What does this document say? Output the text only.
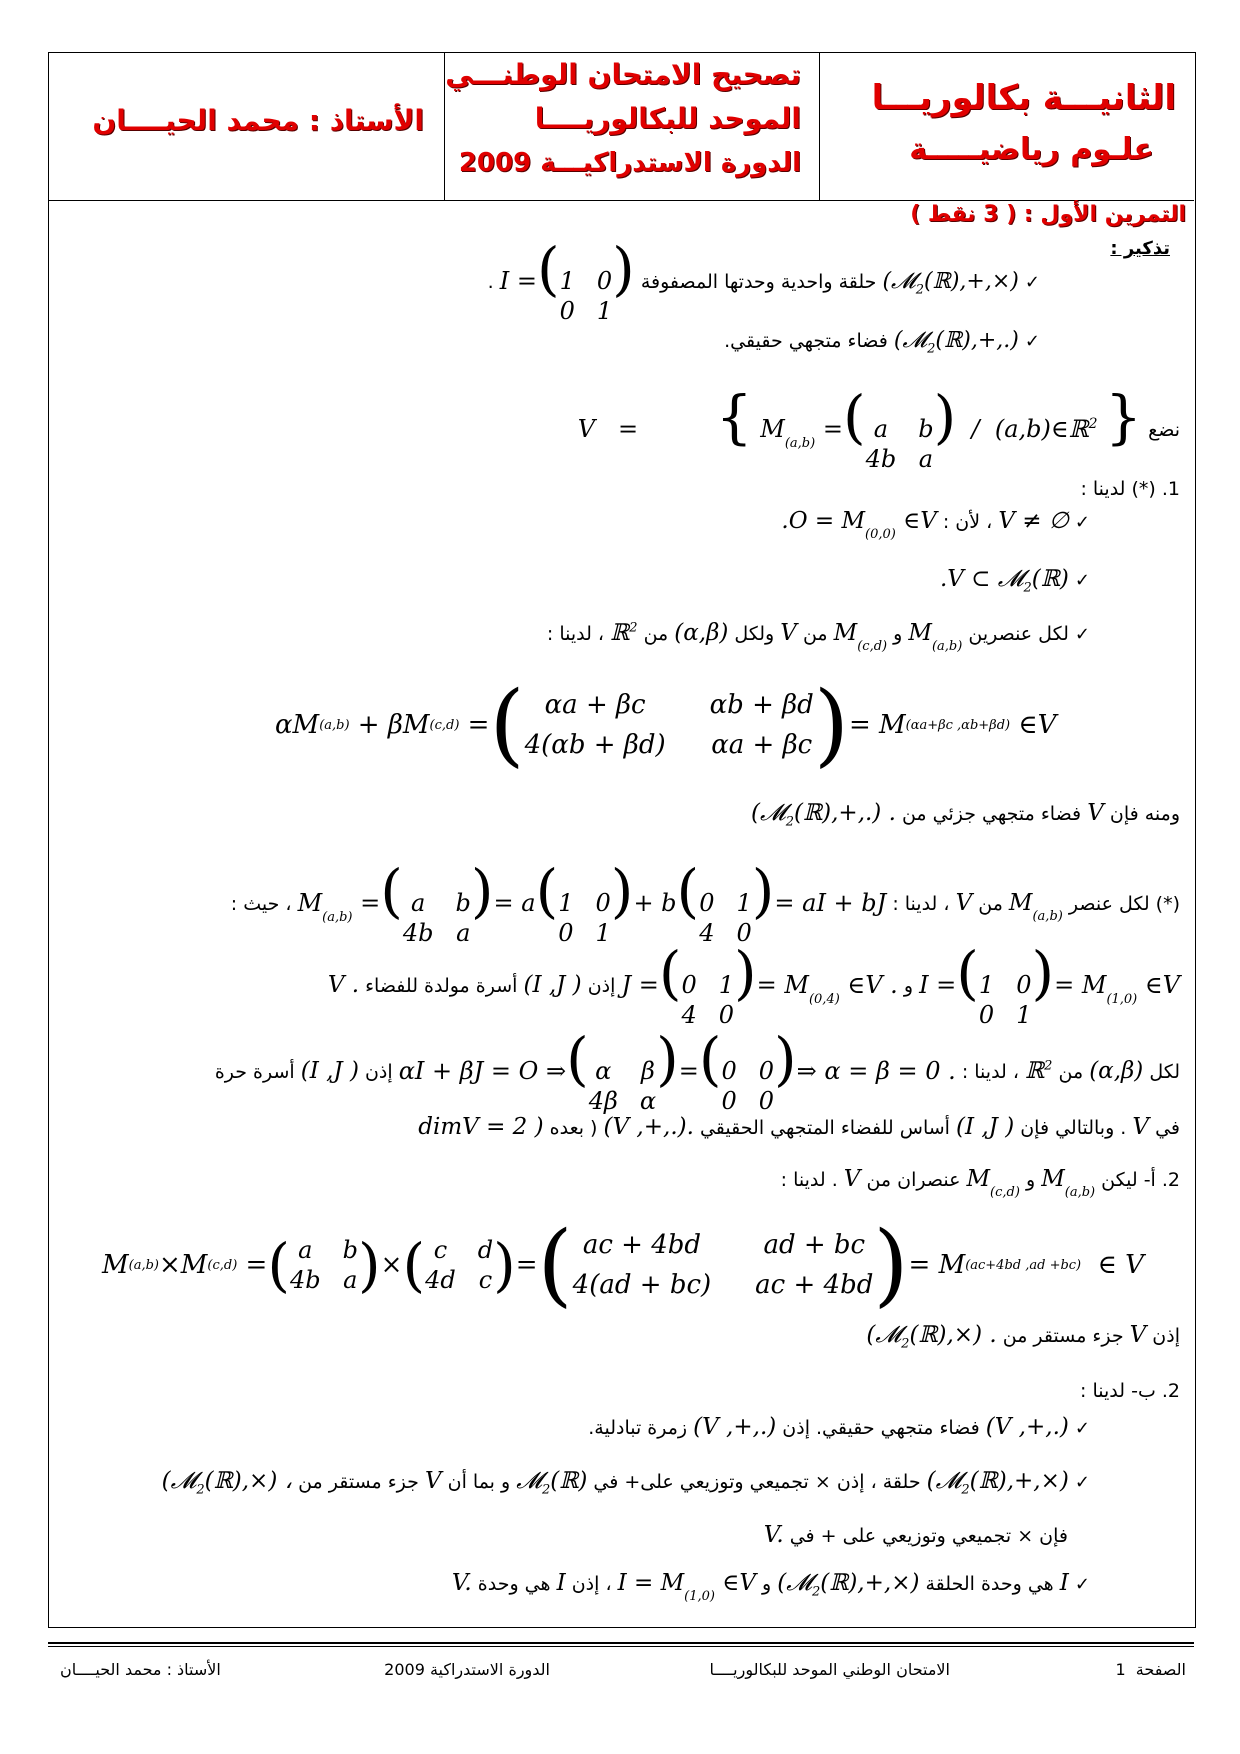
الثانيـــة بكالوريـــا
علـوم رياضيـــــة
تصحيح الامتحان الوطنـــي
الموحد للبكالوريــــا
الدورة الاستدراكيـــة 2009
الأستاذ : محمد الحيــــان
التمرين الأول : ( 3 نقط )
تذكير :
✓ (𝓜$_2$(ℝ),+,×) حلقة واحدية وحدتها المصفوفة I =( 1 0
0 1
) .
✓ (𝓜$_2$(ℝ),+,.) فضاء متجهي حقيقي.
نضع V   = { $M_{(a,b)}$ =( a	b
4b a
)  /  (a,b)∈ℝ$^2$ }
1. (*) لدينا :
✓ V ≠ ∅ ، لأن : $.O = M_{(0,0)}$ ∈V
✓ .V ⊂ 𝓜$_2$(ℝ)
✓ لكل عنصرين $M_{(a,b)}$ و $M_{(c,d)}$ من V ولكل (α,β) من ℝ$^2$ ، لدينا :
αM (a,b) + βM (c,d) = ( αa + βc	αb + βd
4(αb + βd) αa + βc ) = M (αa+βc ,αb+βd) ∈V
ومنه فإن V فضاء متجهي جزئي من (𝓜$_2$(ℝ),+,.) .
(*) لكل عنصر $M_{(a,b)}$ من V ، لدينا : $M_{(a,b)}$ =( a	b
4b a
)= a( 1 0
0 1
)+ b( 0 1
4 0
)= aI + bJ ، حيث :
I =( 1 0
0 1
)= $M_{(1,0)}$ ∈V و J =( 0 1
4 0
)= $M_{(0,4)}$ ∈V . إذن (I ,J ) أسرة مولدة للفضاء V .
لكل (α,β) من ℝ$^2$ ، لدينا : αI + βJ = O ⇒( α β
4β α
)=( 0 0
0 0
)⇒ α = β = 0 . إذن (I ,J ) أسرة حرة
في V . وبالتالي فإن (I ,J ) أساس للفضاء المتجهي الحقيقي (V ,+,.). ( بعده dimV = 2 )
2. أ- ليكن $M_{(a,b)}$ و $M_{(c,d)}$ عنصران من V . لدينا :
M (a,b) ×M (c,d) = ( a	b
4b a ) × ( c	d
4d c ) = ( ac + 4bd	ad + bc
4(ad + bc) ac + 4bd ) = M (ac+4bd ,ad +bc) ∈ V
إذن V جزء مستقر من (𝓜$_2$(ℝ),×) .
2. ب- لدينا :
✓ (V ,+,.) فضاء متجهي حقيقي. إذن (V ,+,.) زمرة تبادلية.
✓ (𝓜$_2$(ℝ),+,×) حلقة ، إذن × تجميعي وتوزيعي على+ في 𝓜$_2$(ℝ) و بما أن V جزء مستقر من (𝓜$_2$(ℝ),×) ،
فإن × تجميعي وتوزيعي على + في V.
✓ I هي وحدة الحلقة (𝓜$_2$(ℝ),+,×) و $I = M_{(1,0)}$ ∈V ، إذن I هي وحدة V.
الصفحة  1
الامتحان الوطني الموحد للبكالوريــــا
الدورة الاستدراكية 2009
الأستاذ : محمد الحيــــان
